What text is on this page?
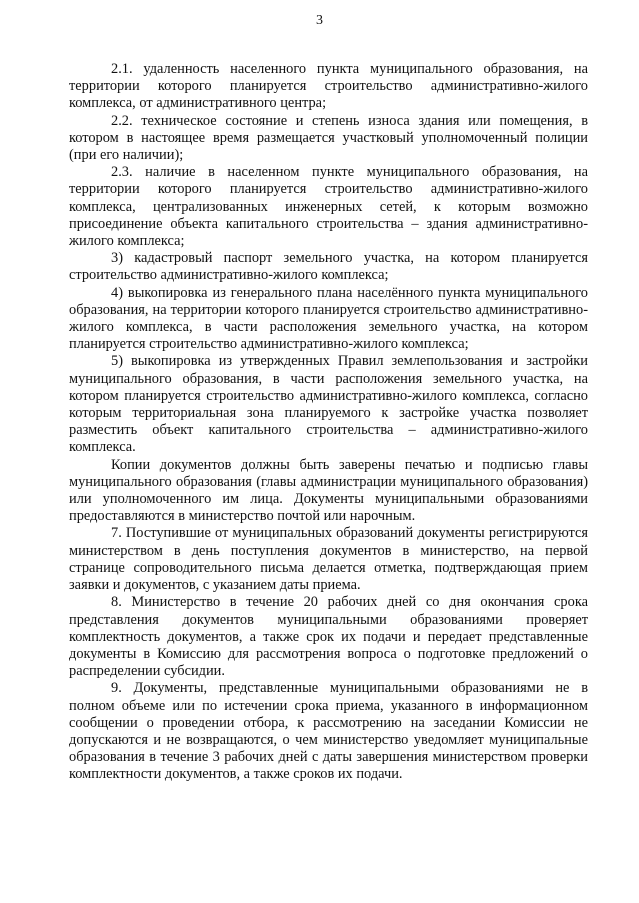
3

2.1. удаленность населенного пункта муниципального образования, на территории которого планируется строительство административно-жилого комплекса, от административного центра;

2.2. техническое состояние и степень износа здания или помещения, в котором в настоящее время размещается участковый уполномоченный полиции (при его наличии);

2.3. наличие в населенном пункте муниципального образования, на территории которого планируется строительство административно-жилого комплекса, централизованных инженерных сетей, к которым возможно присоединение объекта капитального строительства – здания административно-жилого комплекса;

3) кадастровый паспорт земельного участка, на котором планируется строительство административно-жилого комплекса;

4) выкопировка из генерального плана населённого пункта муниципального образования, на территории которого планируется строительство административно-жилого комплекса, в части расположения земельного участка, на котором планируется строительство административно-жилого комплекса;

5) выкопировка из утвержденных Правил землепользования и застройки муниципального образования, в части расположения земельного участка, на котором планируется строительство административно-жилого комплекса, согласно которым территориальная зона планируемого к застройке участка позволяет разместить объект капитального строительства – административно-жилого комплекса.

Копии документов должны быть заверены печатью и подписью главы муниципального образования (главы администрации муниципального образования) или уполномоченного им лица. Документы муниципальными образованиями предоставляются в министерство почтой или нарочным.

7. Поступившие от муниципальных образований документы регистрируются министерством в день поступления документов в министерство, на первой странице сопроводительного письма делается отметка, подтверждающая прием заявки и документов, с указанием даты приема.

8. Министерство в течение 20 рабочих дней со дня окончания срока представления документов муниципальными образованиями проверяет комплектность документов, а также срок их подачи и передает представленные документы в Комиссию для рассмотрения вопроса о подготовке предложений о распределении субсидии.

9. Документы, представленные муниципальными образованиями не в полном объеме или по истечении срока приема, указанного в информационном сообщении о проведении отбора, к рассмотрению на заседании Комиссии не допускаются и не возвращаются, о чем министерство уведомляет муниципальные образования в течение 3 рабочих дней с даты завершения министерством проверки комплектности документов, а также сроков их подачи.
